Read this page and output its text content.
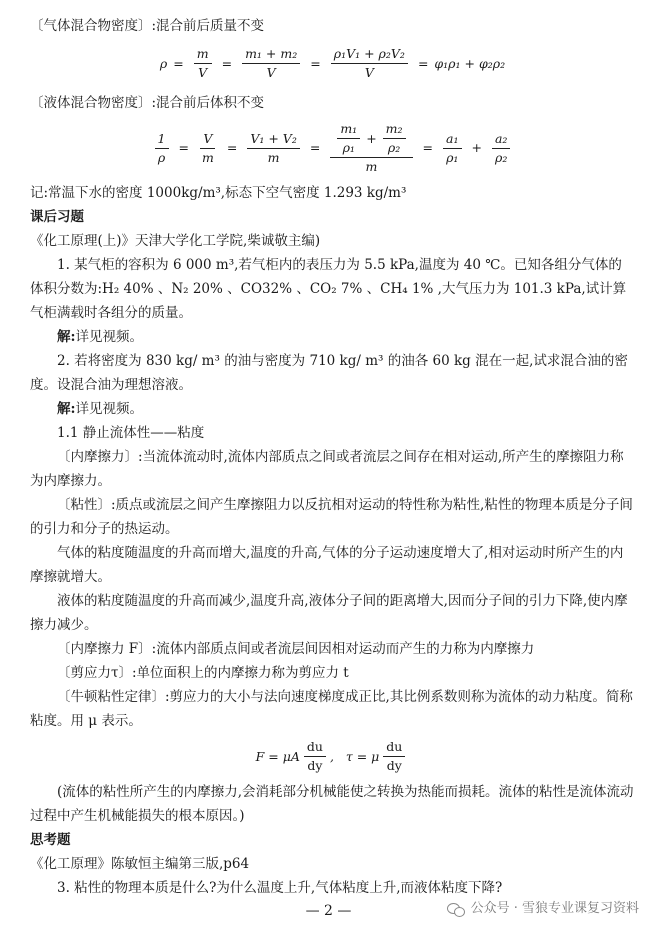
〔气体混合物密度〕:混合前后质量不变

$\rho = \frac{m}{V} = \frac{\text{m₁ + m₂}}{V} = \frac{\text{ρ₁V₁ + ρ₂V₂}}{V} = \varphi_1\rho_1 + \varphi_2\rho_2$

〔液体混合物密度〕:混合前后体积不变

$\frac{1}{\rho} = \frac{V}{m} = \frac{\text{V₁ + V₂}}{m} = \frac{\text{m₁}}{\text{ρ₁}} + \frac{\text{m₂}}{\text{ρ₂}}$
m
= $\frac{\text{a₁}}{\text{ρ₁}} + \frac{\text{a₂}}{\text{ρ₂}}$

记:常温下水的密度 1000kg/m³,标态下空气密度 1.293 kg/m³

课后习题

《化工原理(上)》天津大学化工学院,柴诚敬主编)

1. 某气柜的容积为 6 000 m³,若气柜内的表压力为 5.5 kPa,温度为 40 ℃。已知各组分气体的体积分数为:H₂ 40% 、N₂ 20% 、CO32% 、CO₂ 7% 、CH₄ 1% ,大气压力为 101.3 kPa,试计算气柜满载时各组分的质量。

解:详见视频。

2. 若将密度为 830 kg/ m³ 的油与密度为 710 kg/ m³ 的油各 60 kg 混在一起,试求混合油的密度。设混合油为理想溶液。

解:详见视频。

1.1 静止流体性——粘度

〔内摩擦力〕:当流体流动时,流体内部质点之间或者流层之间存在相对运动,所产生的摩擦阻力称为内摩擦力。

〔粘性〕:质点或流层之间产生摩擦阻力以反抗相对运动的特性称为粘性,粘性的物理本质是分子间的引力和分子的热运动。

气体的粘度随温度的升高而增大,温度的升高,气体的分子运动速度增大了,相对运动时所产生的内摩擦就增大。

液体的粘度随温度的升高而减少,温度升高,液体分子间的距离增大,因而分子间的引力下降,使内摩擦力减少。

〔内摩擦力 F〕:流体内部质点间或者流层间因相对运动而产生的力称为内摩擦力

〔剪应力τ〕:单位面积上的内摩擦力称为剪应力 t

〔牛顿粘性定律〕:剪应力的大小与法向速度梯度成正比,其比例系数则称为流体的动力粘度。简称粘度。用 μ 表示。

F = μA $\frac{du}{dy}$ ,   τ = μ $\frac{du}{dy}$

(流体的粘性所产生的内摩擦力,会消耗部分机械能使之转换为热能而损耗。流体的粘性是流体流动过程中产生机械能损失的根本原因。)

思考题

《化工原理》陈敏恒主编第三版,p64

3. 粘性的物理本质是什么?为什么温度上升,气体粘度上升,而液体粘度下降?

— 2 —	公众号 · 雪狼专业课复习资料
